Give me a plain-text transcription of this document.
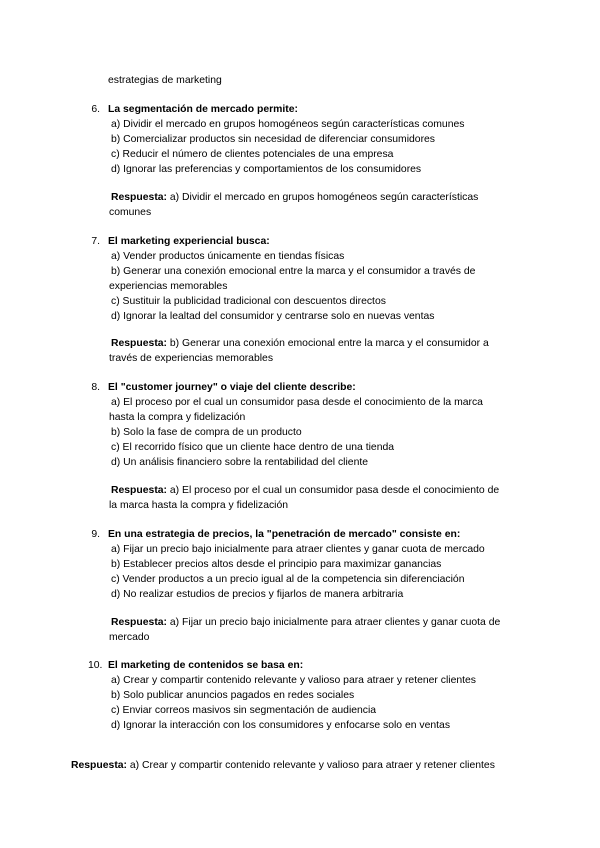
estrategias de marketing
6. La segmentación de mercado permite:
a) Dividir el mercado en grupos homogéneos según características comunes
b) Comercializar productos sin necesidad de diferenciar consumidores
c) Reducir el número de clientes potenciales de una empresa
d) Ignorar las preferencias y comportamientos de los consumidores
Respuesta: a) Dividir el mercado en grupos homogéneos según características
comunes
7. El marketing experiencial busca:
a) Vender productos únicamente en tiendas físicas
b) Generar una conexión emocional entre la marca y el consumidor a través de
experiencias memorables
c) Sustituir la publicidad tradicional con descuentos directos
d) Ignorar la lealtad del consumidor y centrarse solo en nuevas ventas
Respuesta: b) Generar una conexión emocional entre la marca y el consumidor a
través de experiencias memorables
8. El "customer journey" o viaje del cliente describe:
a) El proceso por el cual un consumidor pasa desde el conocimiento de la marca
hasta la compra y fidelización
b) Solo la fase de compra de un producto
c) El recorrido físico que un cliente hace dentro de una tienda
d) Un análisis financiero sobre la rentabilidad del cliente
Respuesta: a) El proceso por el cual un consumidor pasa desde el conocimiento de
la marca hasta la compra y fidelización
9. En una estrategia de precios, la "penetración de mercado" consiste en:
a) Fijar un precio bajo inicialmente para atraer clientes y ganar cuota de mercado
b) Establecer precios altos desde el principio para maximizar ganancias
c) Vender productos a un precio igual al de la competencia sin diferenciación
d) No realizar estudios de precios y fijarlos de manera arbitraria
Respuesta: a) Fijar un precio bajo inicialmente para atraer clientes y ganar cuota de
mercado
10. El marketing de contenidos se basa en:
a) Crear y compartir contenido relevante y valioso para atraer y retener clientes
b) Solo publicar anuncios pagados en redes sociales
c) Enviar correos masivos sin segmentación de audiencia
d) Ignorar la interacción con los consumidores y enfocarse solo en ventas
Respuesta: a) Crear y compartir contenido relevante y valioso para atraer y retener clientes
